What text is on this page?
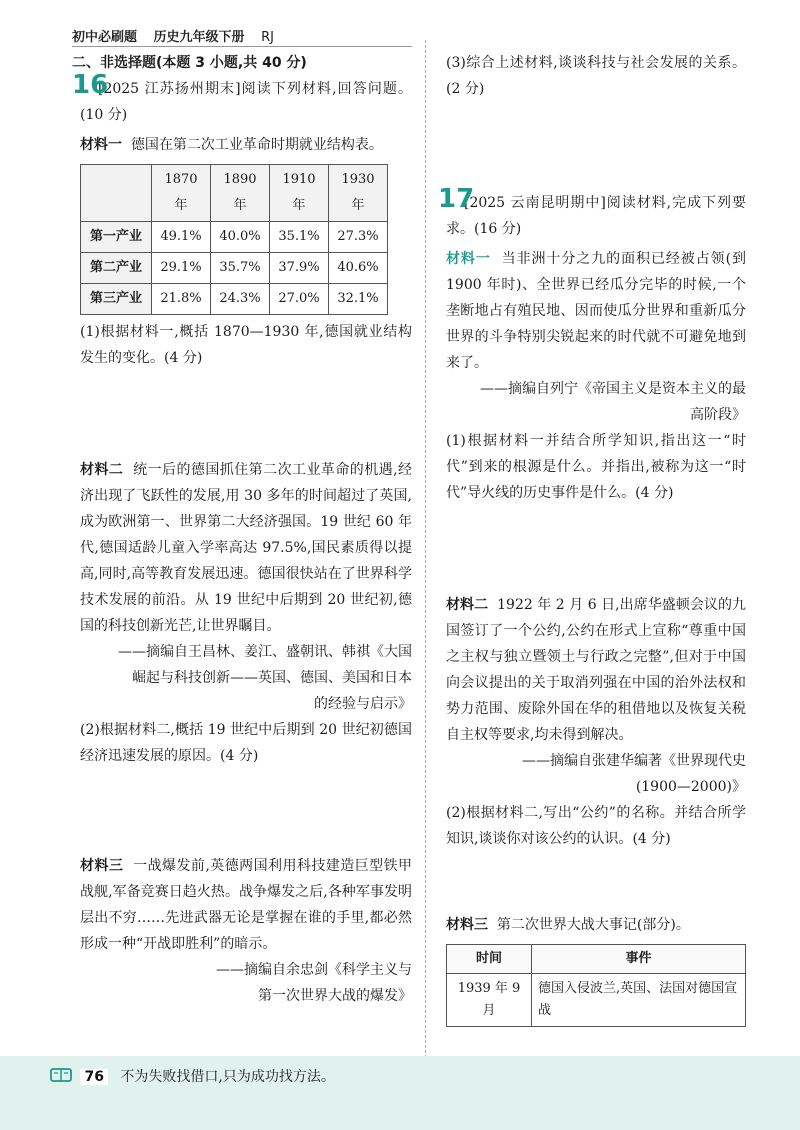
初中必刷题 历史九年级下册 RJ

二、非选择题(本题 3 小题,共 40 分)

16

[2025 江苏扬州期末]阅读下列材料,回答问题。(10 分)

材料一 德国在第二次工业革命时期就业结构表。

	1870 年	1890 年	1910 年	1930 年
第一产业	49.1%	40.0%	35.1%	27.3%
第二产业	29.1%	35.7%	37.9%	40.6%
第三产业	21.8%	24.3%	27.0%	32.1%

(1)根据材料一,概括 1870—1930 年,德国就业结构发生的变化。(4 分)

材料二 统一后的德国抓住第二次工业革命的机遇,经济出现了飞跃性的发展,用 30 多年的时间超过了英国,成为欧洲第一、世界第二大经济强国。19 世纪 60 年代,德国适龄儿童入学率高达 97.5%,国民素质得以提高,同时,高等教育发展迅速。德国很快站在了世界科学技术发展的前沿。从 19 世纪中后期到 20 世纪初,德国的科技创新光芒,让世界瞩目。

——摘编自王昌林、姜江、盛朝讯、韩祺《大国

崛起与科技创新——英国、德国、美国和日本

的经验与启示》

(2)根据材料二,概括 19 世纪中后期到 20 世纪初德国经济迅速发展的原因。(4 分)

材料三 一战爆发前,英德两国利用科技建造巨型铁甲战舰,军备竞赛日趋火热。战争爆发之后,各种军事发明层出不穷……先进武器无论是掌握在谁的手里,都必然形成一种“开战即胜利”的暗示。

——摘编自余忠剑《科学主义与

第一次世界大战的爆发》

(3)综合上述材料,谈谈科技与社会发展的关系。(2 分)

17

[2025 云南昆明期中]阅读材料,完成下列要求。(16 分)

材料一 当非洲十分之九的面积已经被占领(到 1900 年时)、全世界已经瓜分完毕的时候,一个垄断地占有殖民地、因而使瓜分世界和重新瓜分世界的斗争特别尖锐起来的时代就不可避免地到来了。

——摘编自列宁《帝国主义是资本主义的最

高阶段》

(1)根据材料一并结合所学知识,指出这一“时代”到来的根源是什么。并指出,被称为这一“时代”导火线的历史事件是什么。(4 分)

材料二 1922 年 2 月 6 日,出席华盛顿会议的九国签订了一个公约,公约在形式上宣称“尊重中国之主权与独立暨领土与行政之完整”,但对于中国向会议提出的关于取消列强在中国的治外法权和势力范围、废除外国在华的租借地以及恢复关税自主权等要求,均未得到解决。

——摘编自张建华编著《世界现代史

(1900—2000)》

(2)根据材料二,写出“公约”的名称。并结合所学知识,谈谈你对该公约的认识。(4 分)

材料三 第二次世界大战大事记(部分)。

时间	事件
1939 年 9 月	德国入侵波兰,英国、法国对德国宣战
76 不为失败找借口,只为成功找方法。
